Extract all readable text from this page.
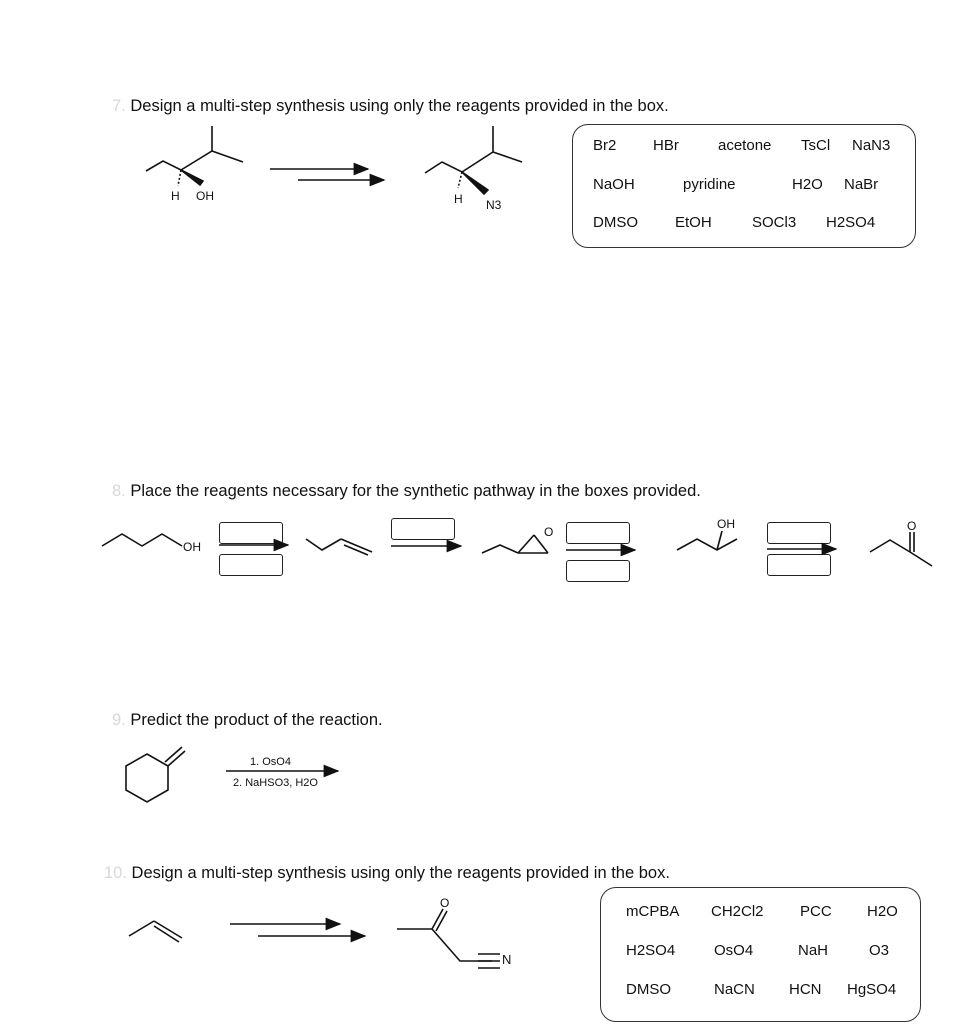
7. Design a multi-step synthesis using only the reagents provided in the box.
Br2 HBr	acetone TsCl NaN3
NaOH	pyridine	H2O NaBr
DMSO EtOH	SOCl3 H2SO4
H OH	H N3
8. Place the reagents necessary for the synthetic pathway in the boxes provided.
OH
O
OH	O
9. Predict the product of the reaction.
1. OsO4
2. NaHSO3, H2O
10. Design a multi-step synthesis using only the reagents provided in the box.
mCPBA CH2Cl2 PCC H2O
H2SO4	OsO4	NaH	O3
DMSO	NaCN HCN HgSO4
O
N
